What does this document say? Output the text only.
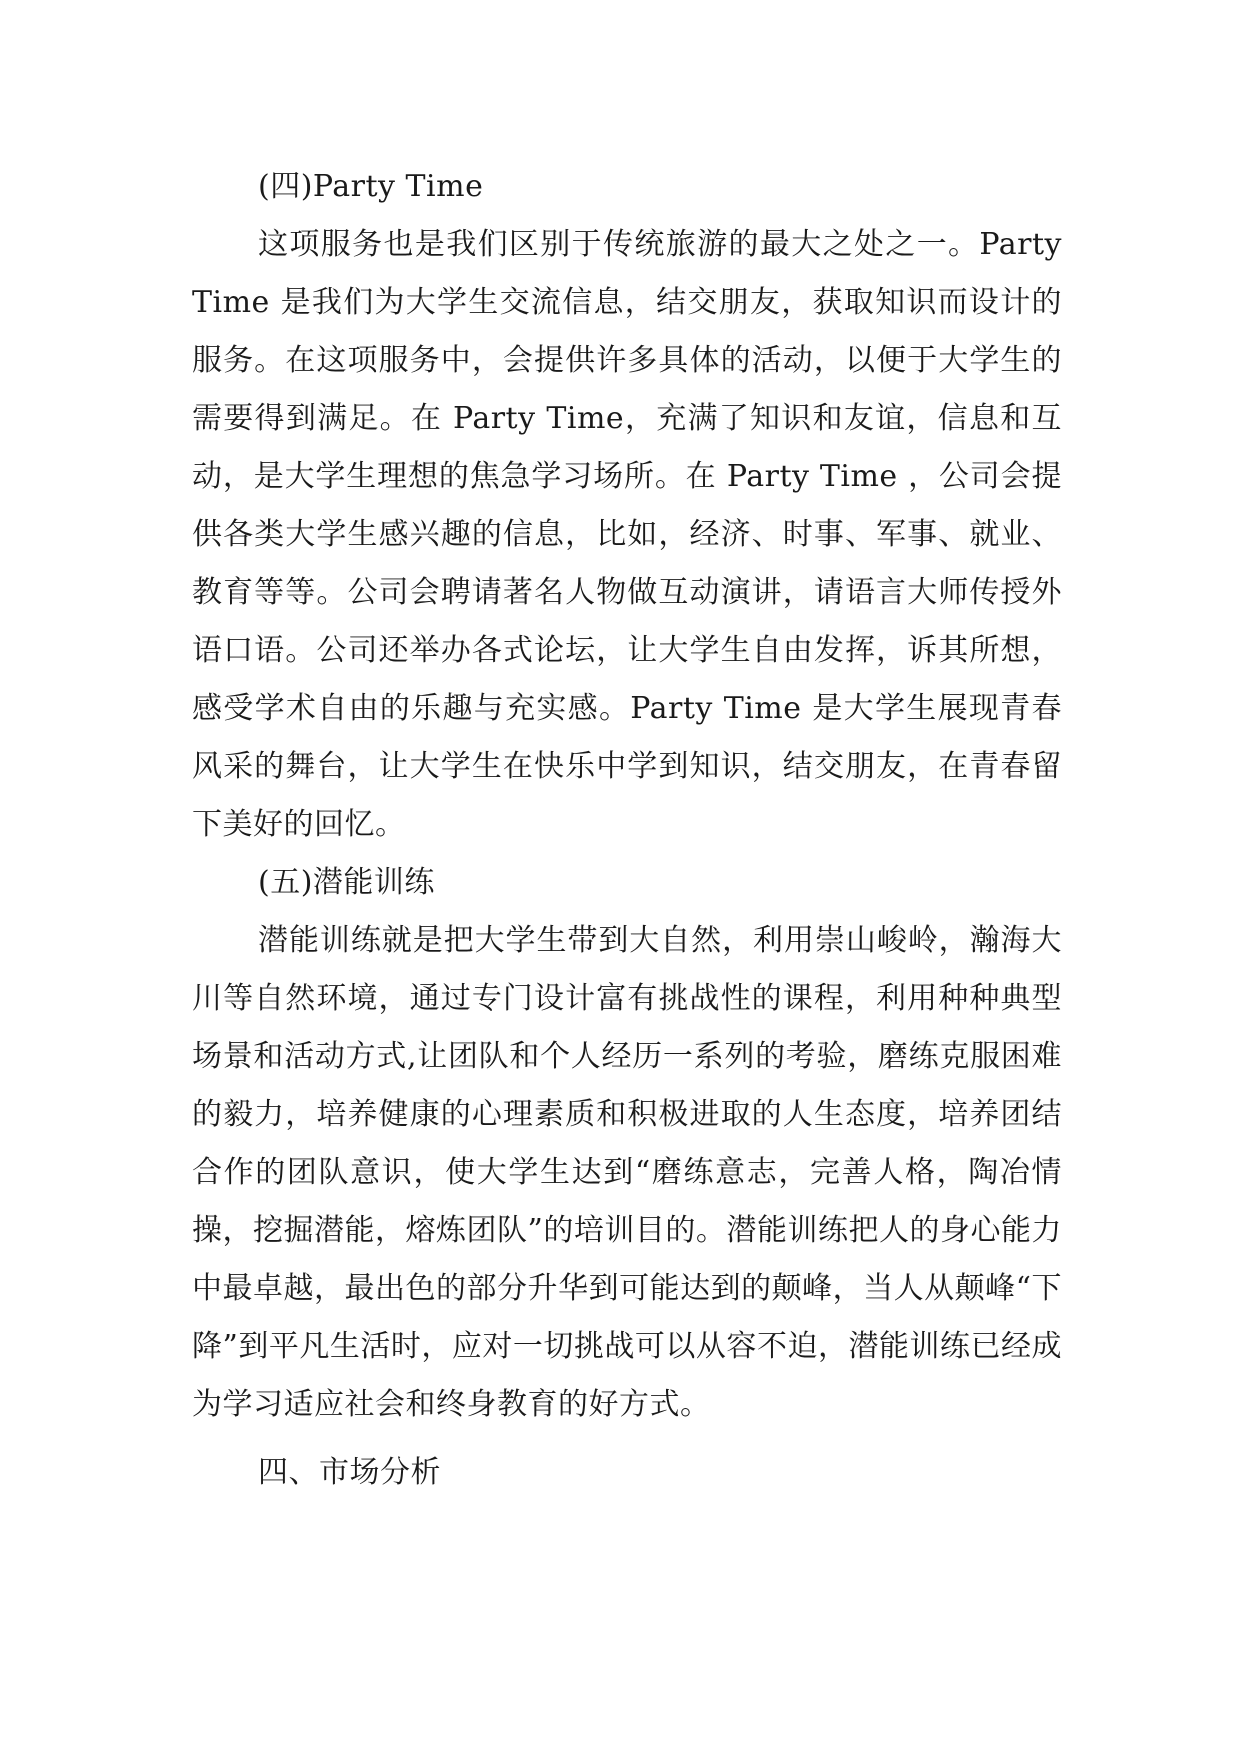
(四)Party Time

这项服务也是我们区别于传统旅游的最大之处之一。Party Time 是我们为大学生交流信息，结交朋友，获取知识而设计的服务。在这项服务中，会提供许多具体的活动，以便于大学生的需要得到满足。在 Party Time，充满了知识和友谊，信息和互动，是大学生理想的焦急学习场所。在 Party Time ，公司会提供各类大学生感兴趣的信息，比如，经济、时事、军事、就业、教育等等。公司会聘请著名人物做互动演讲，请语言大师传授外语口语。公司还举办各式论坛，让大学生自由发挥，诉其所想，感受学术自由的乐趣与充实感。Party Time 是大学生展现青春风采的舞台，让大学生在快乐中学到知识，结交朋友，在青春留下美好的回忆。

(五)潜能训练

潜能训练就是把大学生带到大自然，利用崇山峻岭，瀚海大川等自然环境，通过专门设计富有挑战性的课程，利用种种典型场景和活动方式,让团队和个人经历一系列的考验，磨练克服困难的毅力，培养健康的心理素质和积极进取的人生态度，培养团结合作的团队意识，使大学生达到“磨练意志，完善人格，陶冶情操，挖掘潜能，熔炼团队”的培训目的。潜能训练把人的身心能力中最卓越，最出色的部分升华到可能达到的颠峰，当人从颠峰“下降”到平凡生活时，应对一切挑战可以从容不迫，潜能训练已经成为学习适应社会和终身教育的好方式。

四、市场分析
